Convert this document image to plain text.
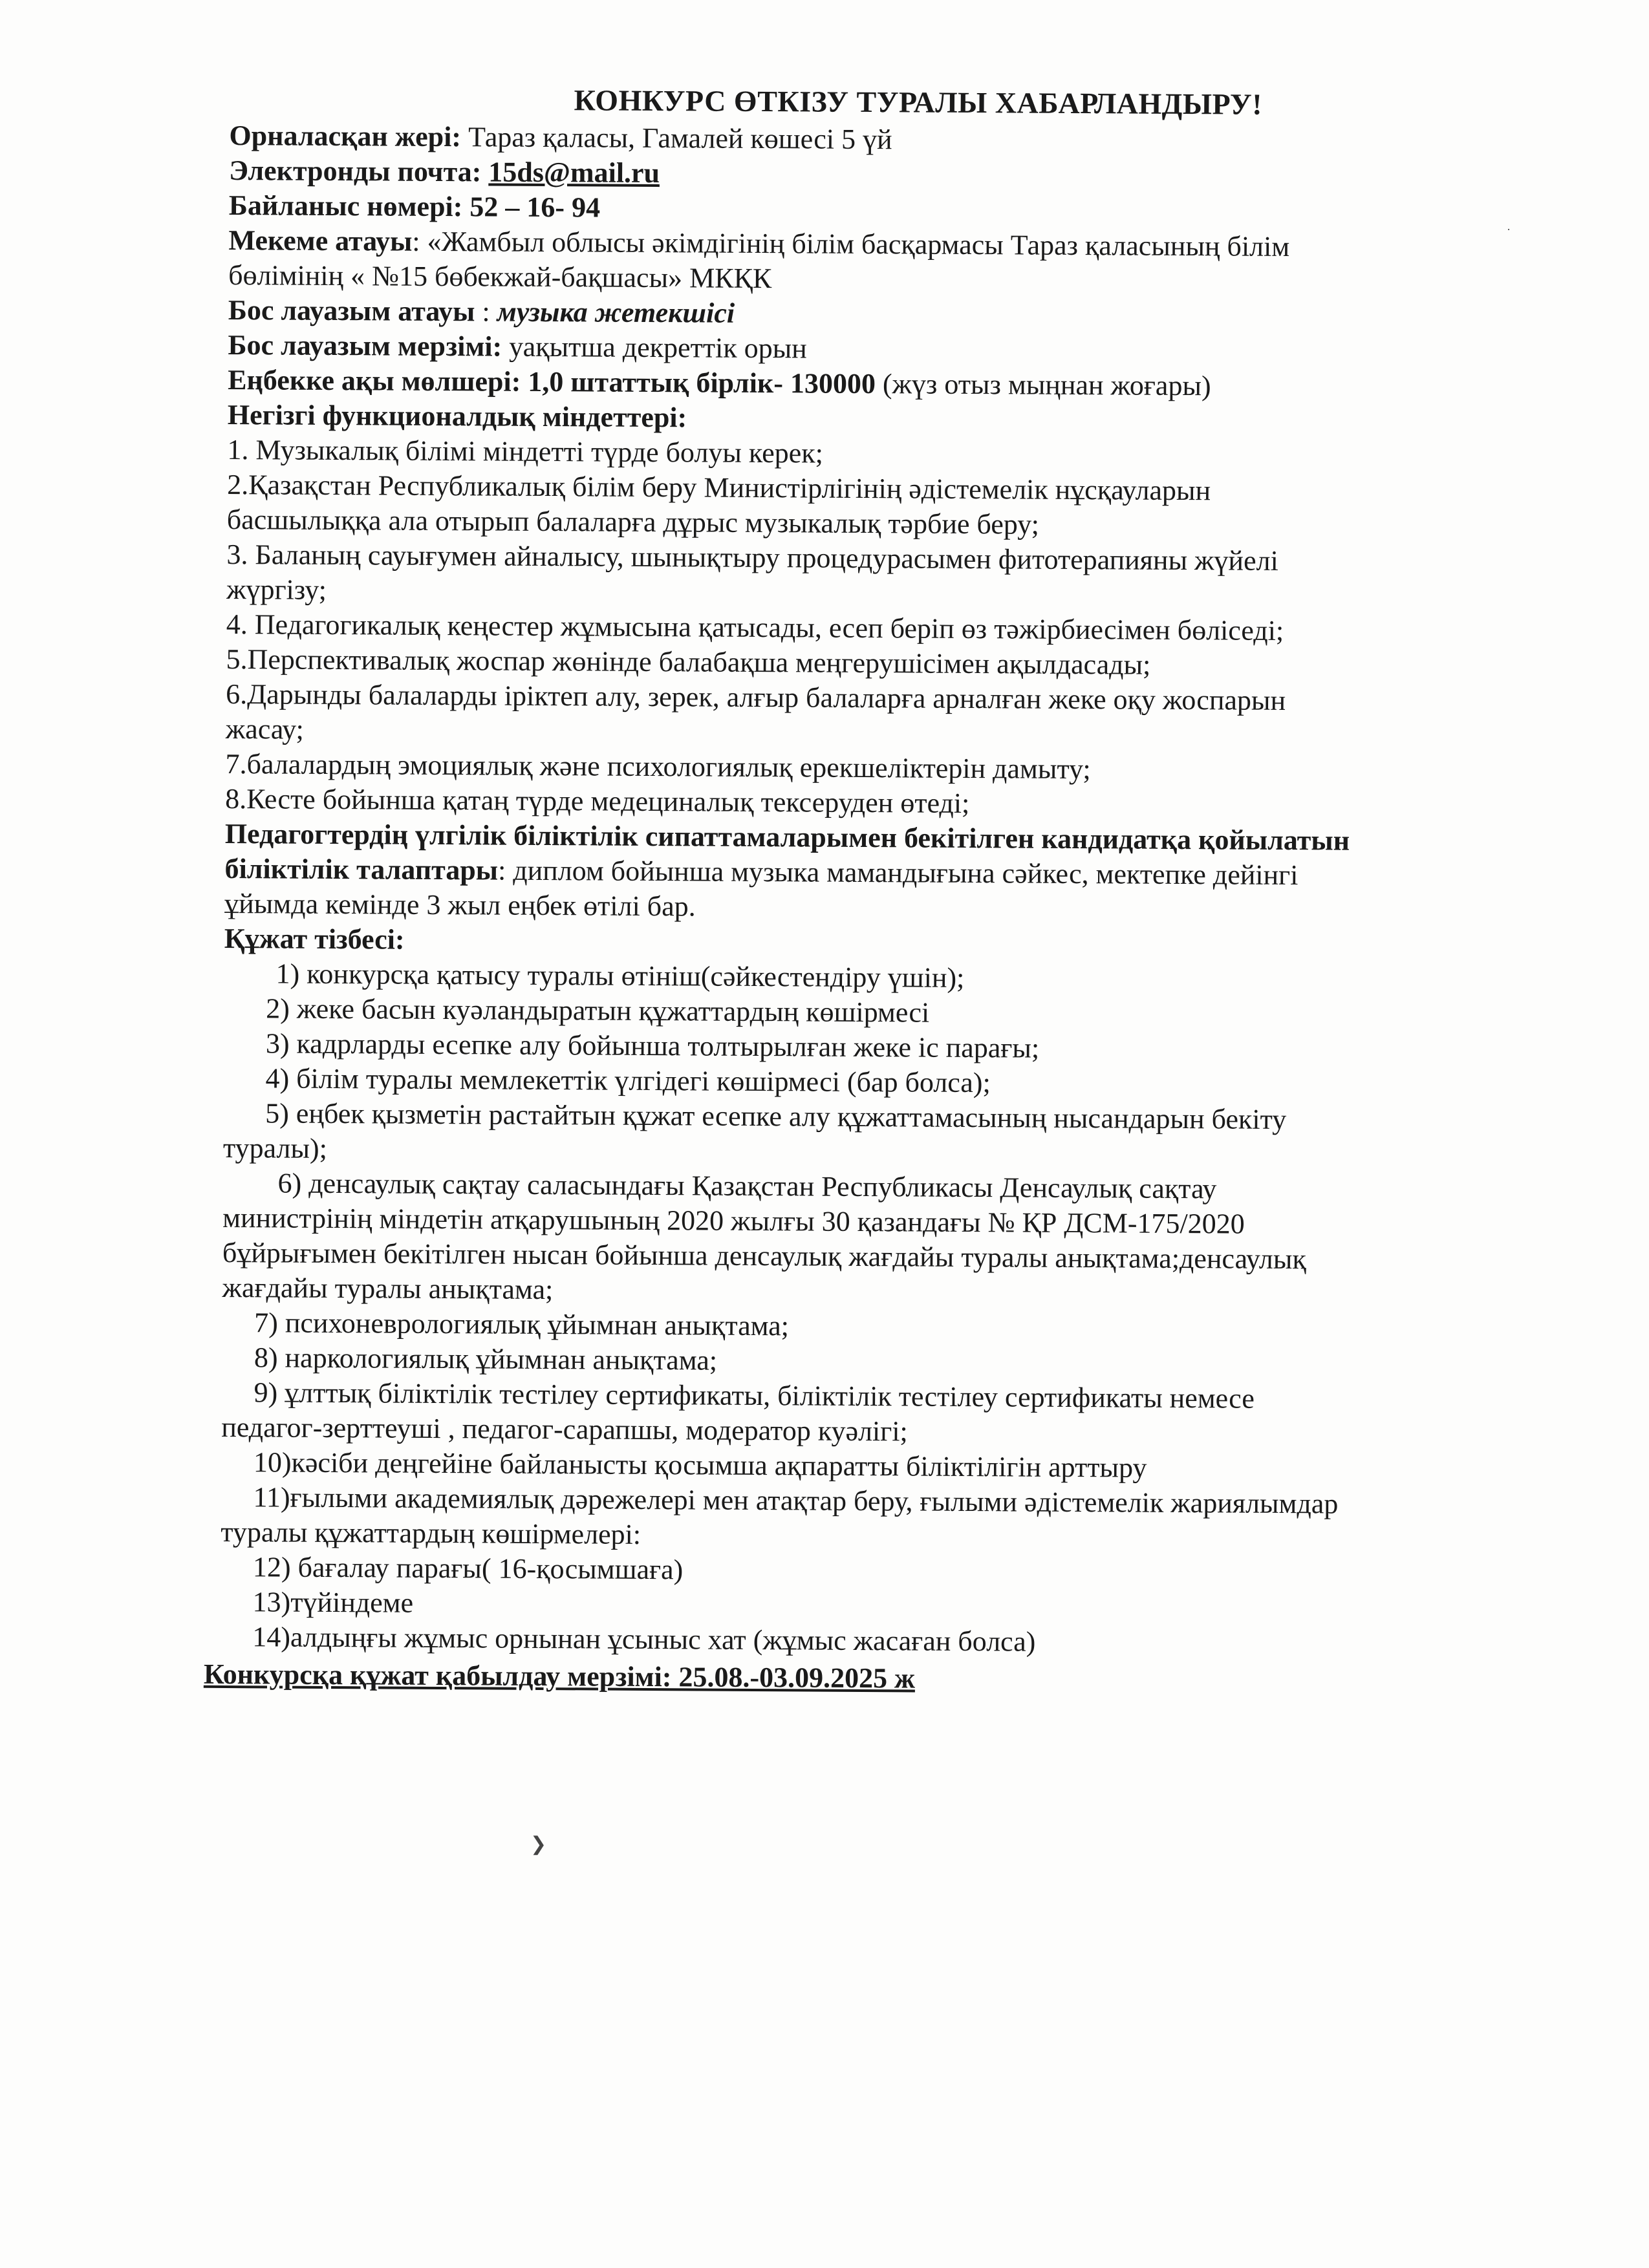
КОНКУРС ӨТКІЗУ ТУРАЛЫ ХАБАРЛАНДЫРУ!

Орналасқан жері: Тараз қаласы, Гамалей көшесі 5 үй

Электронды почта: 15ds@mail.ru

Байланыс нөмері: 52 – 16- 94

Мекеме атауы: «Жамбыл облысы әкімдігінің білім басқармасы Тараз қаласының білім

бөлімінің « №15 бөбекжай-бақшасы» МКҚК

Бос лауазым атауы : музыка жетекшісі

Бос лауазым мерзімі: уақытша декреттік орын

Еңбекке ақы мөлшері: 1,0 штаттық бірлік- 130000 (жүз отыз мыңнан жоғары)

Негізгі функционалдық міндеттері:

1. Музыкалық білімі міндетті түрде болуы керек;

2.Қазақстан Республикалық білім беру Министірлігінің әдістемелік нұсқауларын

басшылыққа ала отырып балаларға дұрыс музыкалық тәрбие беру;

3. Баланың сауығумен айналысу, шынықтыру процедурасымен фитотерапияны жүйелі

жүргізу;

4. Педагогикалық кеңестер жұмысына қатысады, есеп беріп өз тәжірбиесімен бөліседі;

5.Перспективалық жоспар жөнінде балабақша меңгерушісімен ақылдасады;

6.Дарынды балаларды іріктеп алу, зерек, алғыр балаларға арналған жеке оқу жоспарын

жасау;

7.балалардың эмоциялық және психологиялық ерекшеліктерін дамыту;

8.Кесте бойынша қатаң түрде медециналық тексеруден өтеді;

Педагогтердің үлгілік біліктілік сипаттамаларымен бекітілген кандидатқа қойылатын

біліктілік талаптары: диплом бойынша музыка мамандығына сәйкес, мектепке дейінгі

ұйымда кемінде 3 жыл еңбек өтілі бар.

Құжат тізбесі:

1) конкурсқа қатысу туралы өтініш(сәйкестендіру үшін);

2) жеке басын куәландыратын құжаттардың көшірмесі

3) кадрларды есепке алу бойынша толтырылған жеке іс парағы;

4) білім туралы мемлекеттік үлгідегі көшірмесі (бар болса);

5) еңбек қызметін растайтын құжат есепке алу құжаттамасының нысандарын бекіту

туралы);

6) денсаулық сақтау саласындағы Қазақстан Республикасы Денсаулық сақтау

министрінің міндетін атқарушының 2020 жылғы 30 қазандағы № ҚР ДСМ-175/2020

бұйрығымен бекітілген нысан бойынша денсаулық жағдайы туралы анықтама;денсаулық

жағдайы туралы анықтама;

7) психоневрологиялық ұйымнан анықтама;

8) наркологиялық ұйымнан анықтама;

9) ұлттық біліктілік тестілеу сертификаты, біліктілік тестілеу сертификаты немесе

педагог-зерттеуші , педагог-сарапшы, модератор куәлігі;

10)кәсіби деңгейіне байланысты қосымша ақпаратты біліктілігін арттыру

11)ғылыми академиялық дәрежелері мен атақтар беру, ғылыми әдістемелік жариялымдар

туралы құжаттардың көшірмелері:

12) бағалау парағы( 16-қосымшаға)

13)түйіндеме

14)алдыңғы жұмыс орнынан ұсыныс хат (жұмыс жасаған болса)

Конкурсқа құжат қабылдау мерзімі: 25.08.-03.09.2025 ж

❯
·
